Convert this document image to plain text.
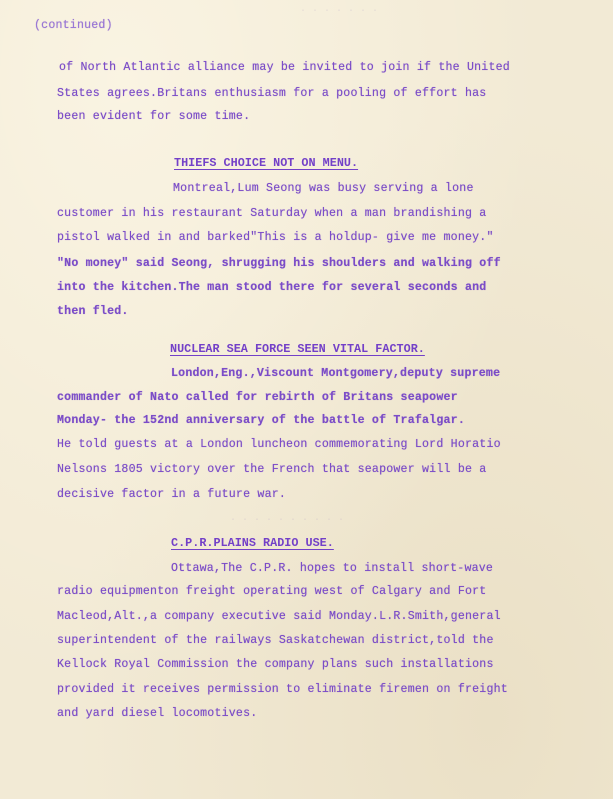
· · · · · · ·
· · · · · · · · · ·
(continued)
of North Atlantic alliance may be invited to join if the United
States agrees.Britans enthusiasm for a pooling of effort has
been evident for some time.
THIEFS CHOICE NOT ON MENU.
Montreal,Lum Seong was busy serving a lone
customer in his restaurant Saturday when a man brandishing a
pistol walked in and barked"This is a holdup- give me money."
"No money" said Seong, shrugging his shoulders and walking off
into the kitchen.The man stood there for several seconds and
then fled.
NUCLEAR SEA FORCE SEEN VITAL FACTOR.
London,Eng.,Viscount Montgomery,deputy supreme
commander of Nato called for rebirth of Britans seapower
Monday- the 152nd anniversary of the battle of Trafalgar.
He told guests at a London luncheon commemorating Lord Horatio
Nelsons 1805 victory over the French that seapower will be a
decisive factor in a future war.
C.P.R.PLAINS RADIO USE.
Ottawa,The C.P.R. hopes to install short-wave
radio equipmenton freight operating west of Calgary and Fort
Macleod,Alt.,a company executive said Monday.L.R.Smith,general
superintendent of the railways Saskatchewan district,told the
Kellock Royal Commission the company plans such installations
provided it receives permission to eliminate firemen on freight
and yard diesel locomotives.
